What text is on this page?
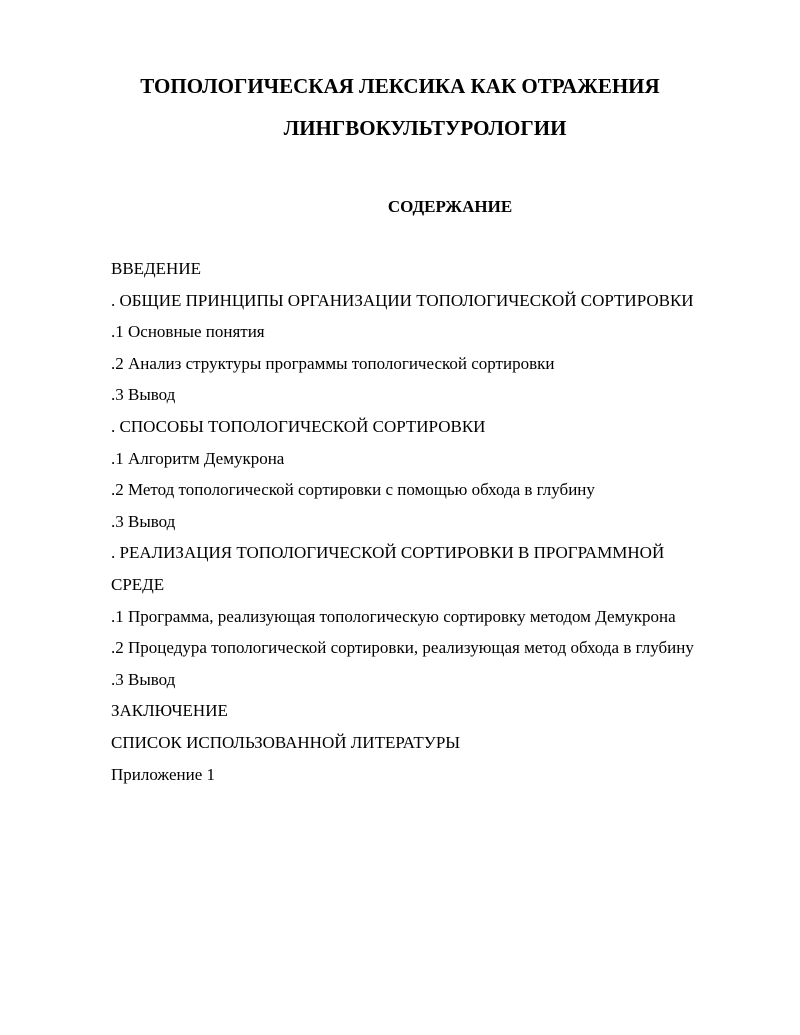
ТОПОЛОГИЧЕСКАЯ ЛЕКСИКА КАК ОТРАЖЕНИЯ
ЛИНГВОКУЛЬТУРОЛОГИИ
СОДЕРЖАНИЕ
ВВЕДЕНИЕ
. ОБЩИЕ ПРИНЦИПЫ ОРГАНИЗАЦИИ ТОПОЛОГИЧЕСКОЙ СОРТИРОВКИ
.1 Основные понятия
.2 Анализ структуры программы топологической сортировки
.3 Вывод
. СПОСОБЫ ТОПОЛОГИЧЕСКОЙ СОРТИРОВКИ
.1 Алгоритм Демукрона
.2 Метод топологической сортировки с помощью обхода в глубину
.3 Вывод
. РЕАЛИЗАЦИЯ ТОПОЛОГИЧЕСКОЙ СОРТИРОВКИ В ПРОГРАММНОЙ
СРЕДЕ
.1 Программа, реализующая топологическую сортировку методом Демукрона
.2 Процедура топологической сортировки, реализующая метод обхода в глубину
.3 Вывод
ЗАКЛЮЧЕНИЕ
СПИСОК ИСПОЛЬЗОВАННОЙ ЛИТЕРАТУРЫ
Приложение 1
